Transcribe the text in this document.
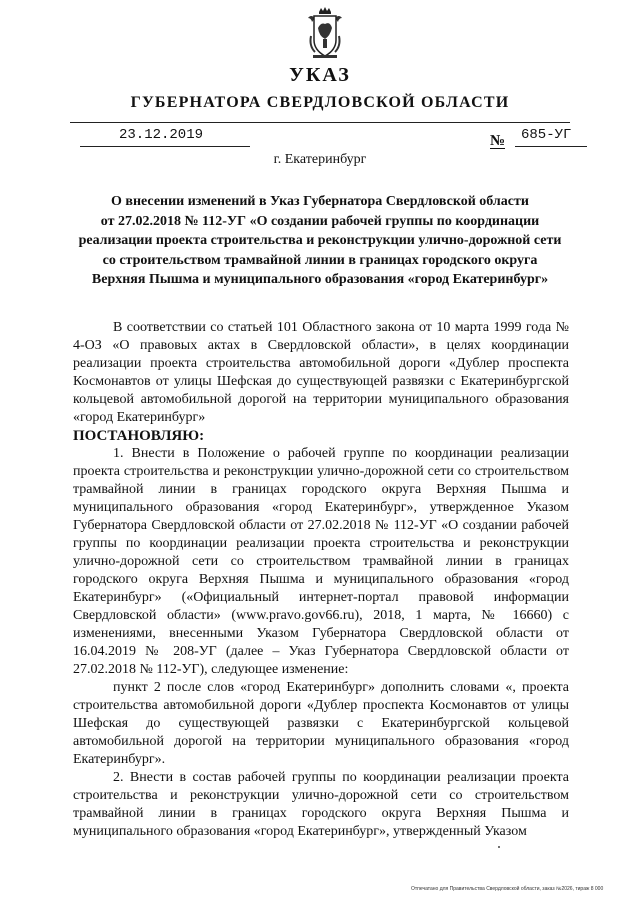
УКАЗ
ГУБЕРНАТОРА СВЕРДЛОВСКОЙ ОБЛАСТИ
23.12.2019	№ 685-УГ
г. Екатеринбург
О внесении изменений в Указ Губернатора Свердловской области
от 27.02.2018 № 112-УГ «О создании рабочей группы по координации
реализации проекта строительства и реконструкции улично-дорожной сети
со строительством трамвайной линии в границах городского округа
Верхняя Пышма и муниципального образования «город Екатеринбург»

В соответствии со статьей 101 Областного закона от 10 марта 1999 года № 4-ОЗ «О правовых актах в Свердловской области», в целях координации реализации проекта строительства автомобильной дороги «Дублер проспекта Космонавтов от улицы Шефская до существующей развязки с Екатеринбургской кольцевой автомобильной дорогой на территории муниципального образования «город Екатеринбург»

ПОСТАНОВЛЯЮ:

1. Внести в Положение о рабочей группе по координации реализации проекта строительства и реконструкции улично-дорожной сети со строительством трамвайной линии в границах городского округа Верхняя Пышма и муниципального образования «город Екатеринбург», утвержденное Указом Губернатора Свердловской области от 27.02.2018 № 112-УГ «О создании рабочей группы по координации реализации проекта строительства и реконструкции улично-дорожной сети со строительством трамвайной линии в границах городского округа Верхняя Пышма и муниципального образования «город Екатеринбург» («Официальный интернет-портал правовой информации Свердловской области» (www.pravo.gov66.ru), 2018, 1 марта, № 16660) с изменениями, внесенными Указом Губернатора Свердловской области от 16.04.2019 № 208-УГ (далее – Указ Губернатора Свердловской области от 27.02.2018 № 112-УГ), следующее изменение:

пункт 2 после слов «город Екатеринбург» дополнить словами «, проекта строительства автомобильной дороги «Дублер проспекта Космонавтов от улицы Шефская до существующей развязки с Екатеринбургской кольцевой автомобильной дорогой на территории муниципального образования «город Екатеринбург».

2. Внести в состав рабочей группы по координации реализации проекта строительства и реконструкции улично-дорожной сети со строительством трамвайной линии в границах городского округа Верхняя Пышма и муниципального образования «город Екатеринбург», утвержденный Указом

Отпечатано для Правительства Свердловской области, заказ №2026, тираж 8 000
